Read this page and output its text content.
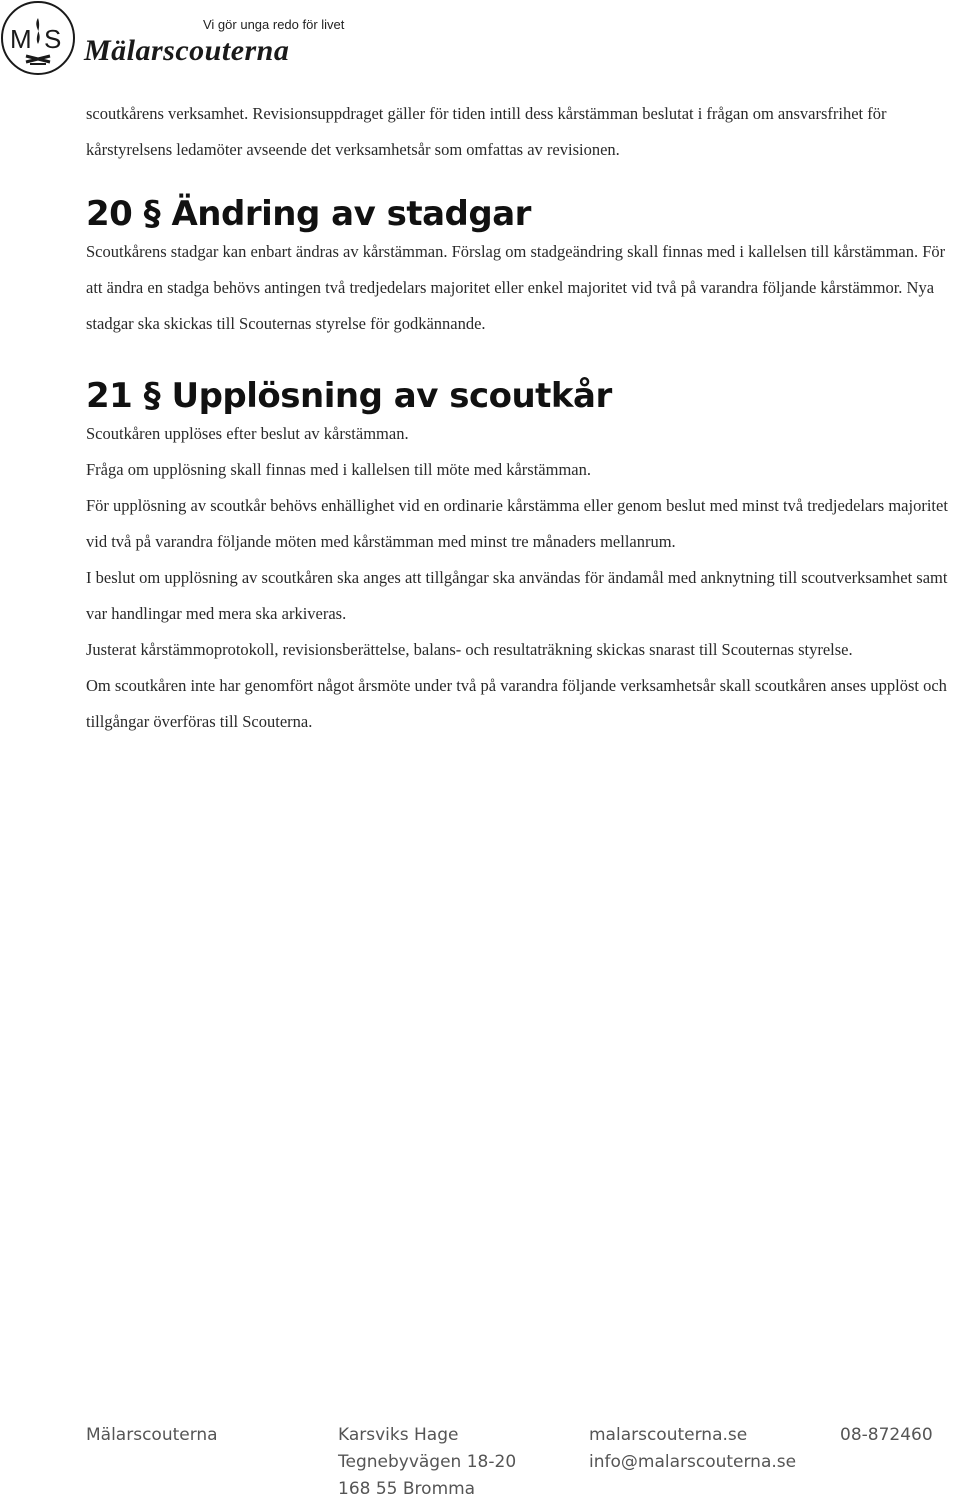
M S	Vi gör unga redo för livet
Mälarscouterna

scoutkårens verksamhet. Revisionsuppdraget gäller för tiden intill dess kårstämman beslutat i frågan om ansvarsfrihet för kårstyrelsens ledamöter avseende det verksamhetsår som omfattas av revisionen.

20 § Ändring av stadgar

Scoutkårens stadgar kan enbart ändras av kårstämman. Förslag om stadgeändring skall finnas med i kallelsen till kårstämman. För att ändra en stadga behövs antingen två tredjedelars majoritet eller enkel majoritet vid två på varandra följande kårstämmor. Nya stadgar ska skickas till Scouternas styrelse för godkännande.

21 § Upplösning av scoutkår

Scoutkåren upplöses efter beslut av kårstämman.

Fråga om upplösning skall finnas med i kallelsen till möte med kårstämman.

För upplösning av scoutkår behövs enhällighet vid en ordinarie kårstämma eller genom beslut med minst två tredjedelars majoritet vid två på varandra följande möten med kårstämman med minst tre månaders mellanrum.

I beslut om upplösning av scoutkåren ska anges att tillgångar ska användas för ändamål med anknytning till scoutverksamhet samt var handlingar med mera ska arkiveras.

Justerat kårstämmoprotokoll, revisionsberättelse, balans- och resultaträkning skickas snarast till Scouternas styrelse.

Om scoutkåren inte har genomfört något årsmöte under två på varandra följande verksamhetsår skall scoutkåren anses upplöst och tillgångar överföras till Scouterna.

Mälarscouterna	Karsviks Hage
Tegnebyvägen 18-20
168 55 Bromma
malarscouterna.se
info@malarscouterna.se
08-872460
